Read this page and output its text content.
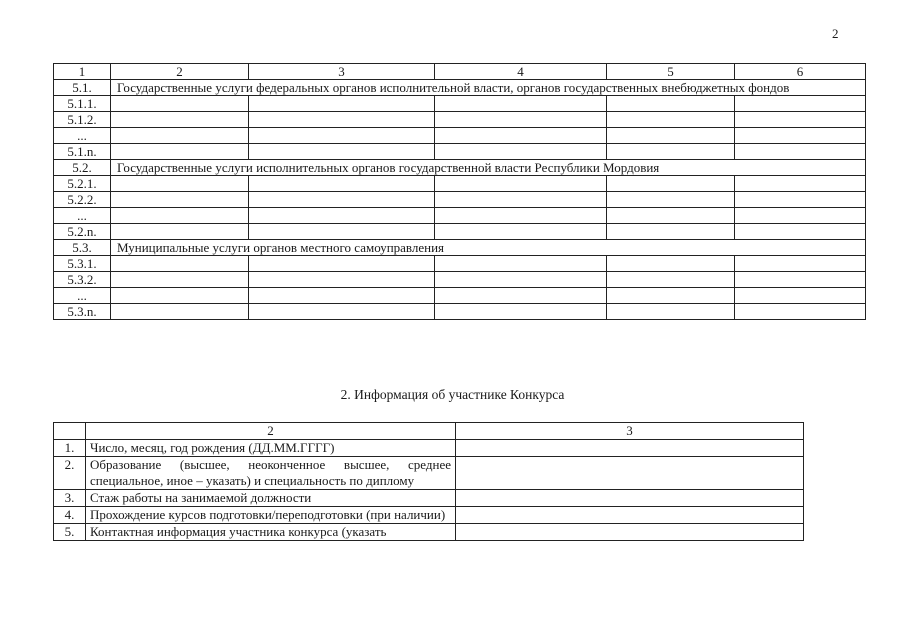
2
1	2	3	4	5	6
5.1.	Государственные услуги федеральных органов исполнительной власти, органов государственных внебюджетных фондов				
5.1.1.					
5.1.2.					
...					
5.1.n.					
5.2.	Государственные услуги исполнительных органов государственной власти Республики Мордовия				
5.2.1.					
5.2.2.					
...					
5.2.n.					
5.3.	Муниципальные услуги органов местного самоуправления				
5.3.1.					
5.3.2.					
...					
5.3.n.					
2. Информация об участнике Конкурса
	2	3
1.	Число, месяц, год рождения (ДД.ММ.ГГГГ)	
2.	Образование (высшее, неоконченное высшее, среднее специальное, иное – указать) и специальность по диплому	
3.	Стаж работы на занимаемой должности	
4.	Прохождение курсов подготовки/переподготовки (при наличии)	
5.	Контактная информация участника конкурса (указать	
